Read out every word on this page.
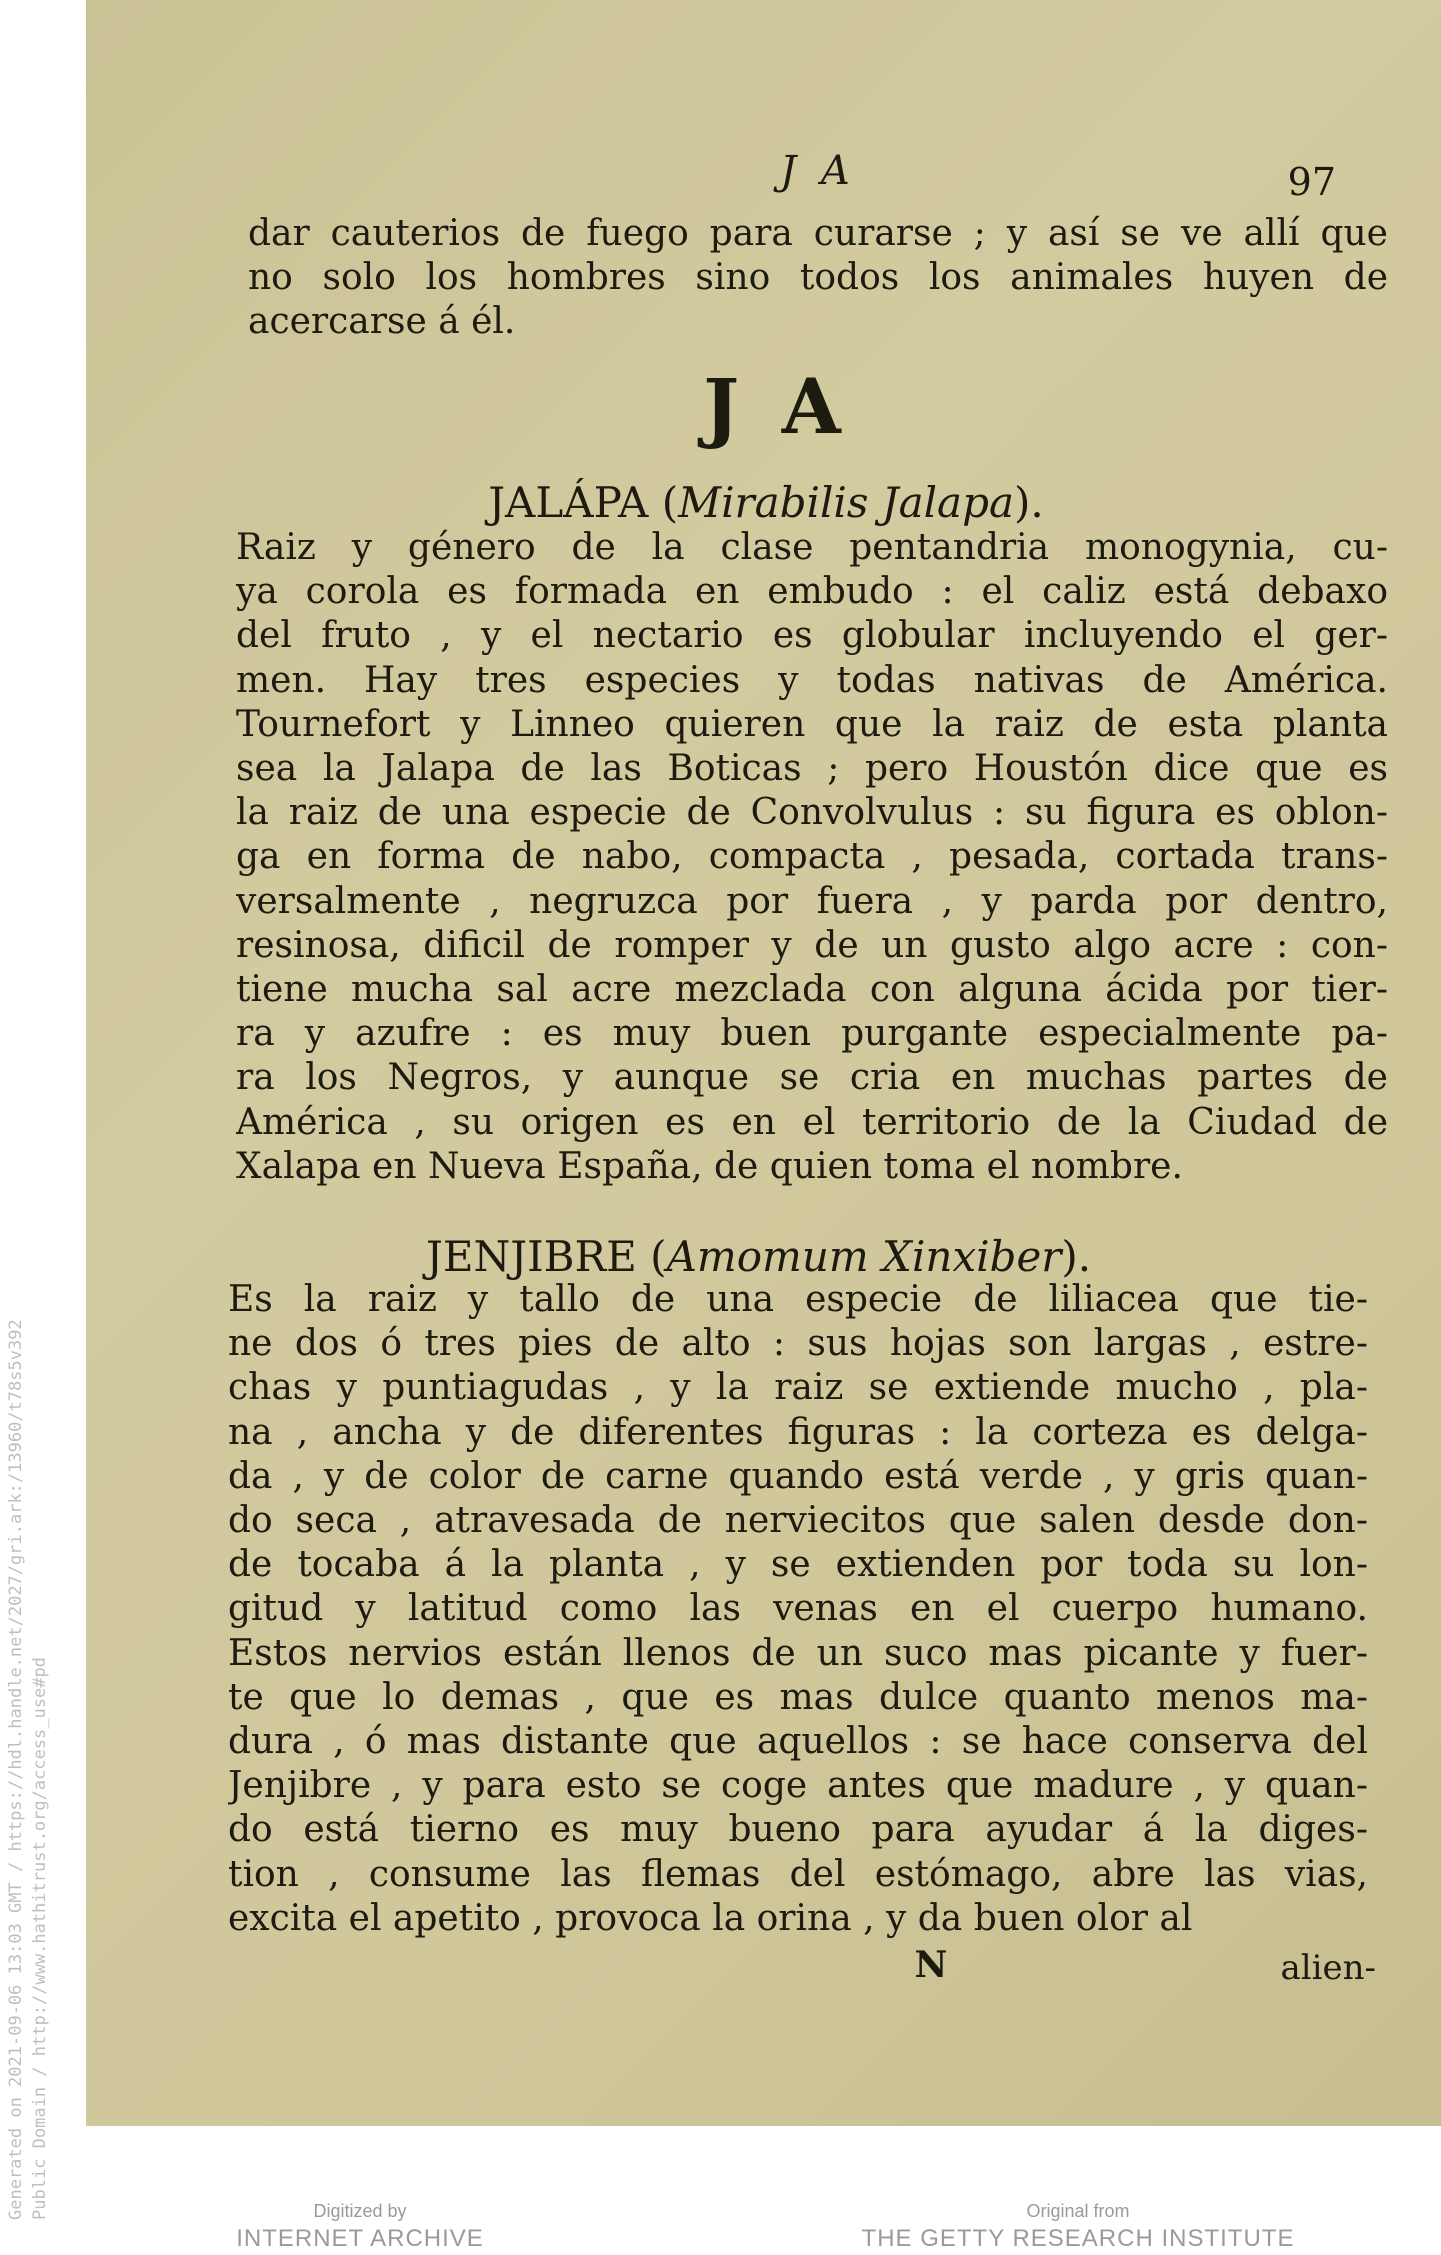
Generated on 2021-09-06 13:03 GMT / https://hdl.handle.net/2027/gri.ark:/13960/t78s5v392 Public Domain / http://www.hathitrust.org/access_use#pd
J A	97
dar cauterios de fuego para curarse ; y así se ve allí que
no solo los hombres sino todos los animales huyen de
acercarse á él.
J A
JALÁPA (Mirabilis Jalapa).
Raiz y género de la clase pentandria monogynia, cu-
ya corola es formada en embudo : el caliz está debaxo
del fruto , y el nectario es globular incluyendo el ger-
men. Hay tres especies y todas nativas de América.
Tournefort y Linneo quieren que la raiz de esta planta
sea la Jalapa de las Boticas ; pero Houstón dice que es
la raiz de una especie de Convolvulus : su figura es oblon-
ga en forma de nabo, compacta , pesada, cortada trans-
versalmente , negruzca por fuera , y parda por dentro,
resinosa, dificil de romper y de un gusto algo acre : con-
tiene mucha sal acre mezclada con alguna ácida por tier-
ra y azufre : es muy buen purgante especialmente pa-
ra los Negros, y aunque se cria en muchas partes de
América , su origen es en el territorio de la Ciudad de
Xalapa en Nueva España, de quien toma el nombre.
JENJIBRE (Amomum Xinxiber).
Es la raiz y tallo de una especie de liliacea que tie-
ne dos ó tres pies de alto : sus hojas son largas , estre-
chas y puntiagudas , y la raiz se extiende mucho , pla-
na , ancha y de diferentes figuras : la corteza es delga-
da , y de color de carne quando está verde , y gris quan-
do seca , atravesada de nerviecitos que salen desde don-
de tocaba á la planta , y se extienden por toda su lon-
gitud y latitud como las venas en el cuerpo humano.
Estos nervios están llenos de un suco mas picante y fuer-
te que lo demas , que es mas dulce quanto menos ma-
dura , ó mas distante que aquellos : se hace conserva del
Jenjibre , y para esto se coge antes que madure , y quan-
do está tierno es muy bueno para ayudar á la diges-
tion , consume las flemas del estómago, abre las vias,
excita el apetito , provoca la orina , y da buen olor al
N	alien-
Digitized by
INTERNET ARCHIVE
Original from
THE GETTY RESEARCH INSTITUTE
